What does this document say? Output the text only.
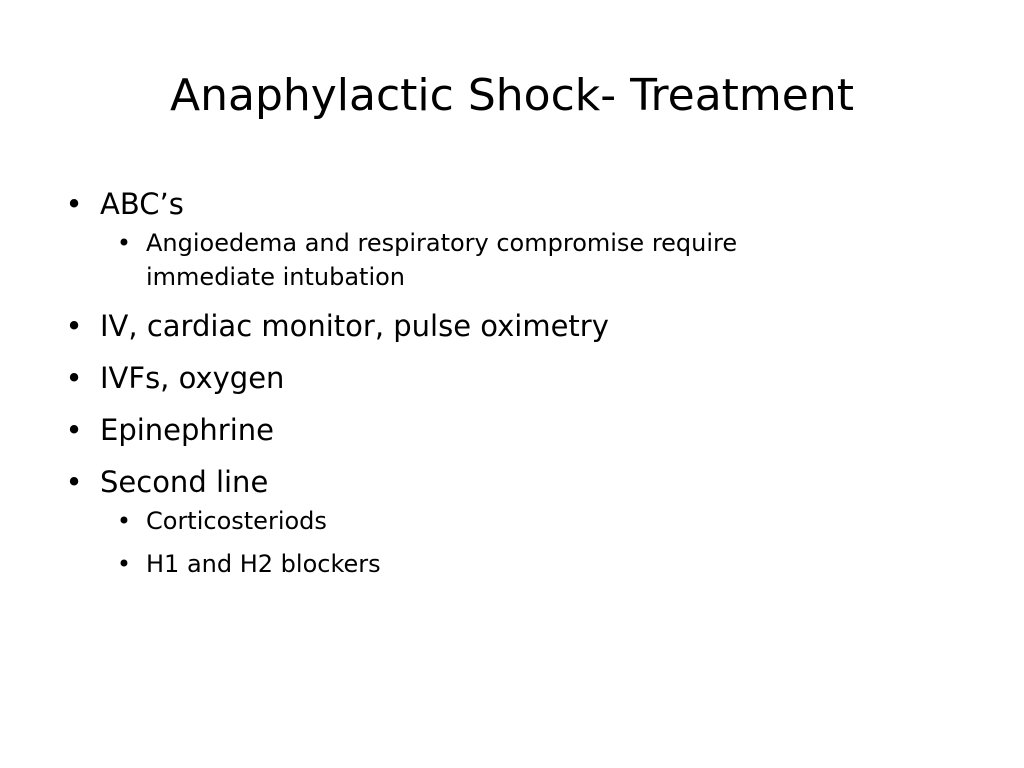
Anaphylactic Shock- Treatment
• ABC’s
• Angioedema and respiratory compromise require
immediate intubation
• IV, cardiac monitor, pulse oximetry
• IVFs, oxygen
• Epinephrine
• Second line
• Corticosteriods
• H1 and H2 blockers
